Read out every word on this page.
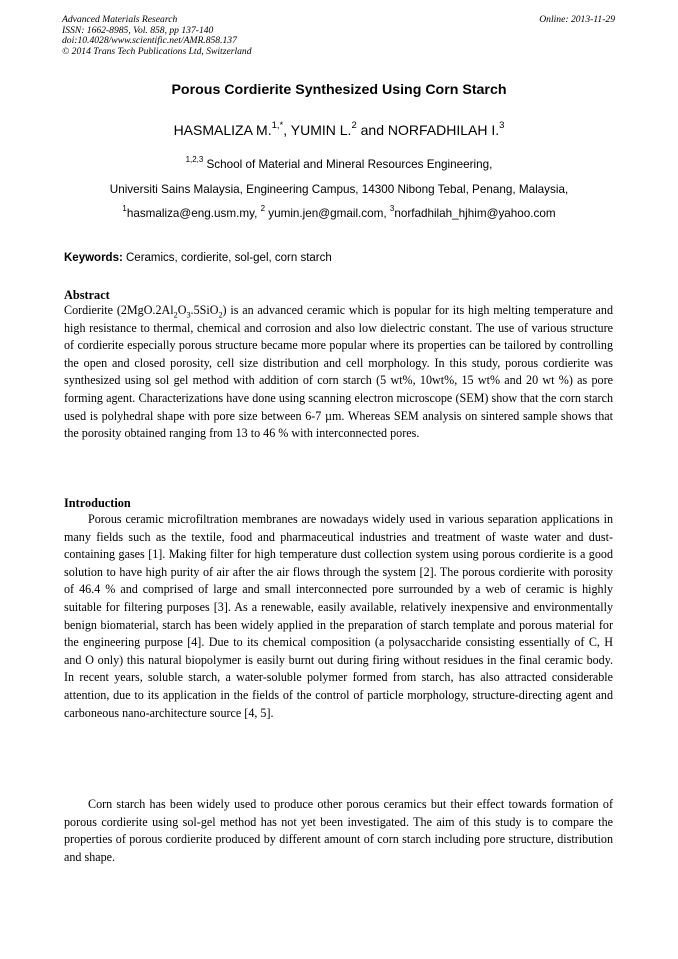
Advanced Materials Research
ISSN: 1662-8985, Vol. 858, pp 137-140
doi:10.4028/www.scientific.net/AMR.858.137
© 2014 Trans Tech Publications Ltd, Switzerland
Online: 2013-11-29
Porous Cordierite Synthesized Using Corn Starch
HASMALIZA M.$^{1,*}$, YUMIN L.$^2$ and NORFADHILAH I.$^3$
$^{1,2,3}$ School of Material and Mineral Resources Engineering,
Universiti Sains Malaysia, Engineering Campus, 14300 Nibong Tebal, Penang, Malaysia,
$^1$hasmaliza@eng.usm.my, $^2$ yumin.jen@gmail.com, $^3$norfadhilah_hjhim@yahoo.com
Keywords: Ceramics, cordierite, sol-gel, corn starch
Abstract

Cordierite $(2MgO.2Al_2O_3.5SiO_2)$ is an advanced ceramic which is popular for its high melting temperature and high resistance to thermal, chemical and corrosion and also low dielectric constant. The use of various structure of cordierite especially porous structure became more popular where its properties can be tailored by controlling the open and closed porosity, cell size distribution and cell morphology. In this study, porous cordierite was synthesized using sol gel method with addition of corn starch (5 wt%, 10wt%, 15 wt% and 20 wt %) as pore forming agent. Characterizations have done using scanning electron microscope (SEM) show that the corn starch used is polyhedral shape with pore size between 6-7 µm. Whereas SEM analysis on sintered sample shows that the porosity obtained ranging from 13 to 46 % with interconnected pores.

Introduction

Porous ceramic microfiltration membranes are nowadays widely used in various separation applications in many fields such as the textile, food and pharmaceutical industries and treatment of waste water and dust-containing gases [1]. Making filter for high temperature dust collection system using porous cordierite is a good solution to have high purity of air after the air flows through the system [2]. The porous cordierite with porosity of 46.4 % and comprised of large and small interconnected pore surrounded by a web of ceramic is highly suitable for filtering purposes [3]. As a renewable, easily available, relatively inexpensive and environmentally benign biomaterial, starch has been widely applied in the preparation of starch template and porous material for the engineering purpose [4]. Due to its chemical composition (a polysaccharide consisting essentially of C, H and O only) this natural biopolymer is easily burnt out during firing without residues in the final ceramic body. In recent years, soluble starch, a water-soluble polymer formed from starch, has also attracted considerable attention, due to its application in the fields of the control of particle morphology, structure-directing agent and carboneous nano-architecture source [4, 5].

Corn starch has been widely used to produce other porous ceramics but their effect towards formation of porous cordierite using sol-gel method has not yet been investigated. The aim of this study is to compare the properties of porous cordierite produced by different amount of corn starch including pore structure, distribution and shape.
